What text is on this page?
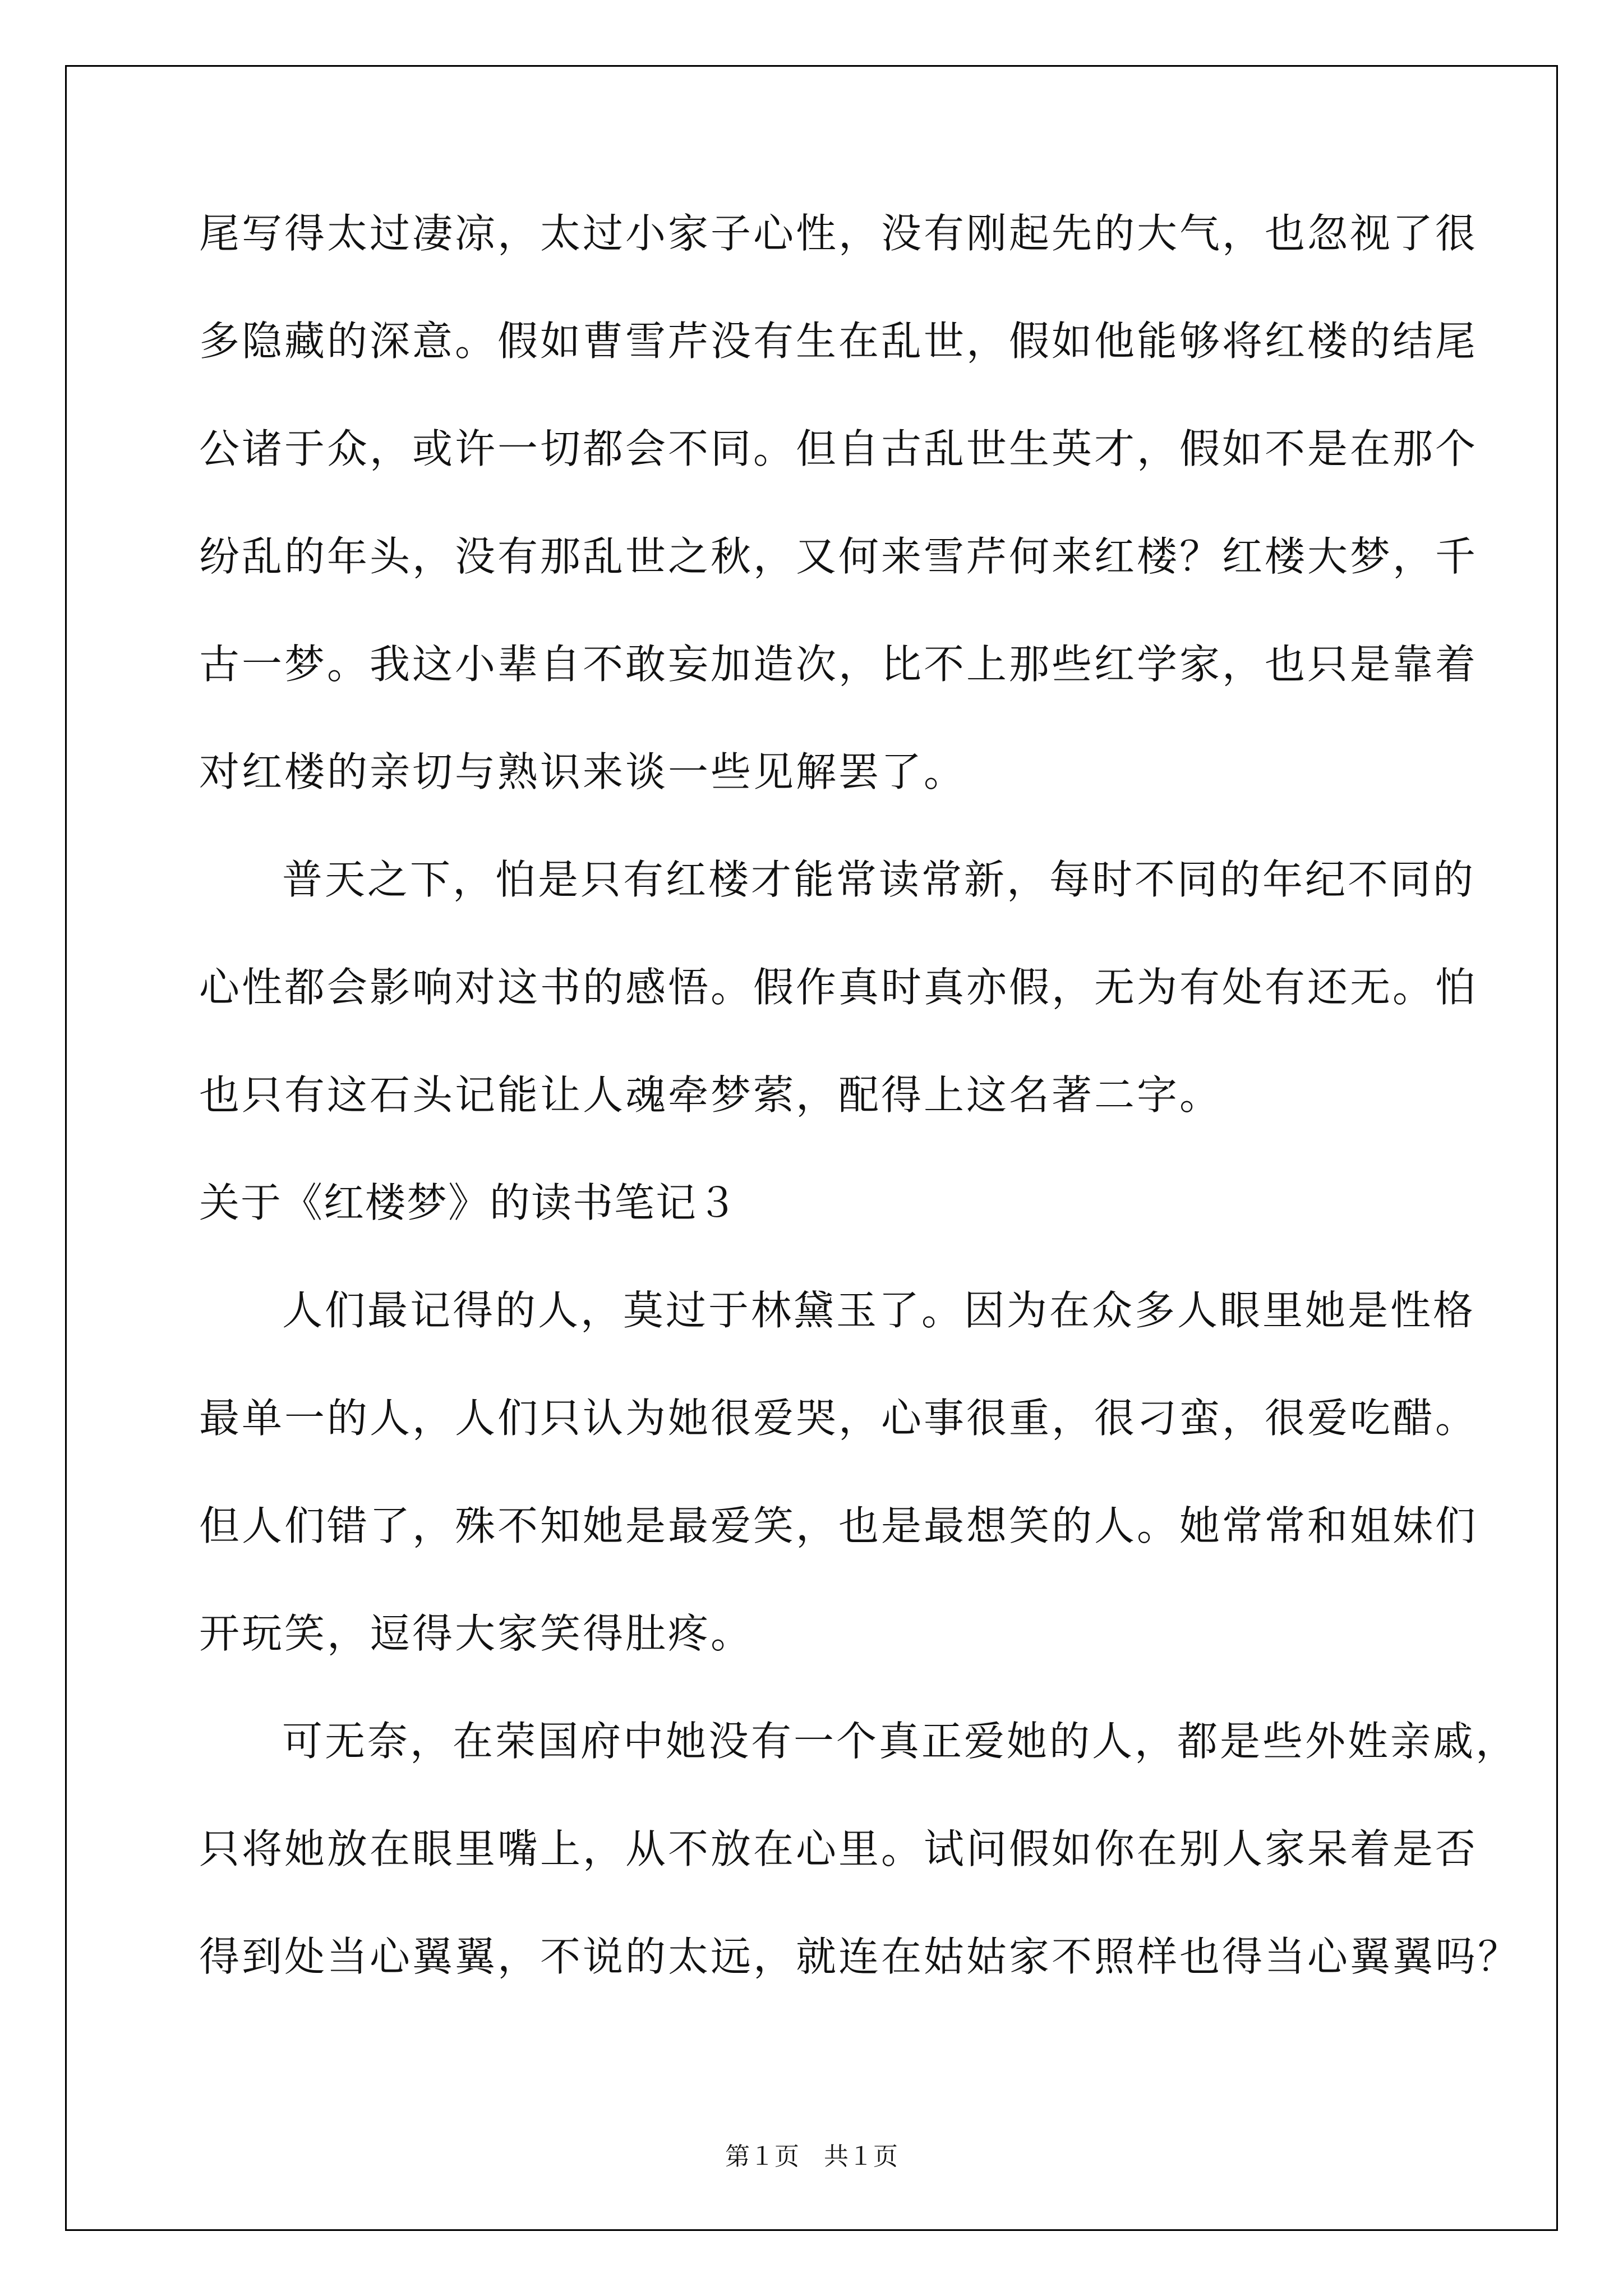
尾写得太过凄凉，太过小家子心性，没有刚起先的大气，也忽视了很
多隐藏的深意。假如曹雪芹没有生在乱世，假如他能够将红楼的结尾
公诸于众，或许一切都会不同。但自古乱世生英才，假如不是在那个
纷乱的年头，没有那乱世之秋，又何来雪芹何来红楼？红楼大梦，千
古一梦。我这小辈自不敢妄加造次，比不上那些红学家，也只是靠着
对红楼的亲切与熟识来谈一些见解罢了。
普天之下，怕是只有红楼才能常读常新，每时不同的年纪不同的
心性都会影响对这书的感悟。假作真时真亦假，无为有处有还无。怕
也只有这石头记能让人魂牵梦萦，配得上这名著二字。
关于《红楼梦》的读书笔记３
人们最记得的人，莫过于林黛玉了。因为在众多人眼里她是性格
最单一的人，人们只认为她很爱哭，心事很重，很刁蛮，很爱吃醋。
但人们错了，殊不知她是最爱笑，也是最想笑的人。她常常和姐妹们
开玩笑，逗得大家笑得肚疼。
可无奈，在荣国府中她没有一个真正爱她的人，都是些外姓亲戚，
只将她放在眼里嘴上，从不放在心里。试问假如你在别人家呆着是否
得到处当心翼翼，不说的太远，就连在姑姑家不照样也得当心翼翼吗？
第１页　共１页
